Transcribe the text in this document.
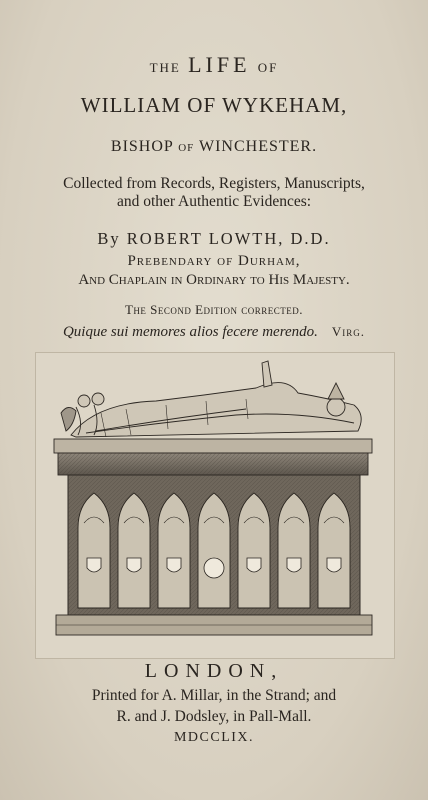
THE LIFE OF
WILLIAM OF WYKEHAM,
BISHOP OF WINCHESTER.
Collected from Records, Registers, Manuscripts,
and other Authentic Evidences:
By ROBERT LOWTH, D.D.
Prebendary of Durham,
And Chaplain in Ordinary to His Majesty.
The Second Edition corrected.
Quique sui memores alios fecere merendo. Virg.
LONDON,
Printed for A. Millar, in the Strand; and
R. and J. Dodsley, in Pall-Mall.
MDCCLIX.
